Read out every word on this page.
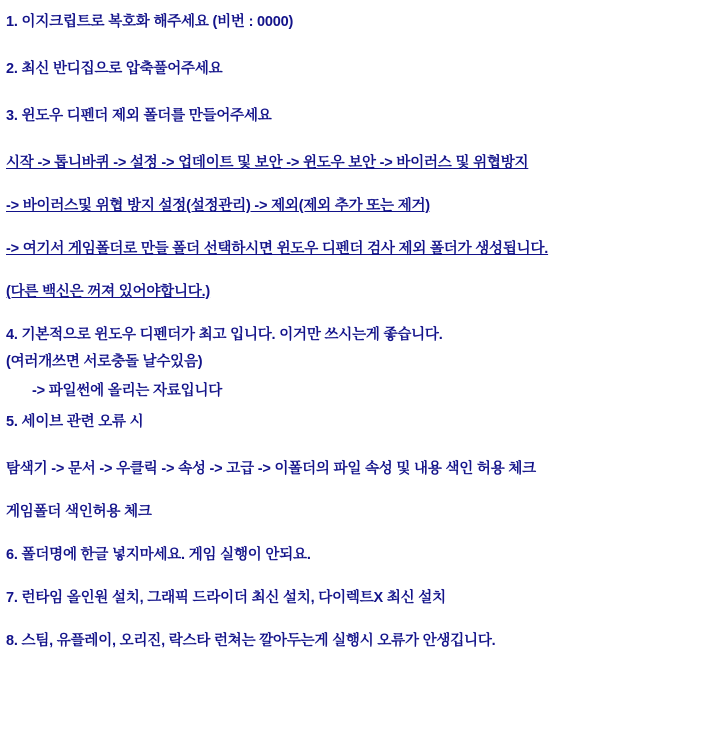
1. 이지크립트로 복호화 해주세요 (비번 : 0000)
2. 최신 반디집으로 압축풀어주세요
3. 윈도우 디펜더 제외 폴더를 만들어주세요
시작 -> 톱니바퀴 -> 설정 -> 업데이트 및 보안 -> 윈도우 보안 -> 바이러스 및 위협방지
-> 바이러스및 위협 방지 설정(설정관리) -> 제외(제외 추가 또는 제거)
-> 여기서 게임폴더로 만들 폴더 선택하시면 윈도우 디펜더 검사 제외 폴더가 생성됩니다.
(다른 백신은 꺼져 있어야합니다.)
4. 기본적으로 윈도우 디펜더가 최고 입니다. 이거만 쓰시는게 좋습니다.
(여러개쓰면 서로충돌 날수있음)
-> 파일썬에 올리는 자료입니다
5. 세이브 관련 오류 시
탐색기 -> 문서 -> 우클릭 -> 속성 -> 고급 -> 이폴더의 파일 속성 및 내용 색인 허용 체크
게임폴더 색인허용 체크
6. 폴더명에 한글 넣지마세요. 게임 실행이 안되요.
7. 런타임 올인원 설치, 그래픽 드라이더 최신 설치, 다이렉트X 최신 설치
8. 스팀, 유플레이, 오리진, 락스타 런쳐는 깔아두는게 실행시 오류가 안생깁니다.
